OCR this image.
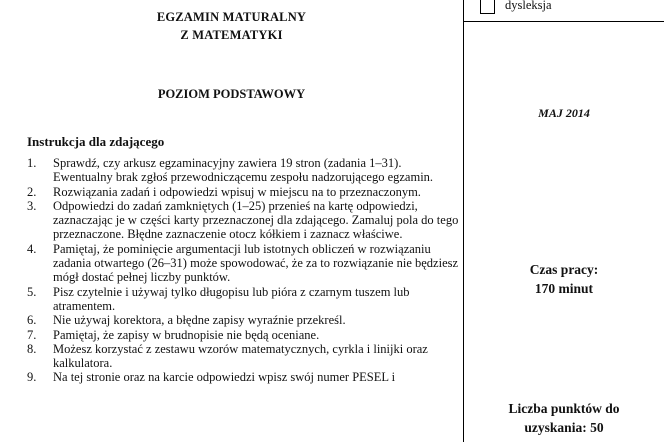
EGZAMIN MATURALNY

Z MATEMATYKI

POZIOM PODSTAWOWY

Instrukcja dla zdającego

1.	Sprawdź, czy arkusz egzaminacyjny zawiera 19 stron (zadania 1–31). Ewentualny brak zgłoś przewodniczącemu zespołu nadzorującego egzamin.
2.	Rozwiązania zadań i odpowiedzi wpisuj w miejscu na to przeznaczonym.
3.	Odpowiedzi do zadań zamkniętych (1–25) przenieś na kartę odpowiedzi, zaznaczając je w części karty przeznaczonej dla zdającego. Zamaluj pola do tego przeznaczone. Błędne zaznaczenie otocz kółkiem i zaznacz właściwe.
4.	Pamiętaj, że pominięcie argumentacji lub istotnych obliczeń w rozwiązaniu zadania otwartego (26–31) może spowodować, że za to rozwiązanie nie będziesz mógł dostać pełnej liczby punktów.
5.	Pisz czytelnie i używaj tylko długopisu lub pióra z czarnym tuszem lub atramentem.
6.	Nie używaj korektora, a błędne zapisy wyraźnie przekreśl.
7.	Pamiętaj, że zapisy w brudnopisie nie będą oceniane.
8.	Możesz korzystać z zestawu wzorów matematycznych, cyrkla i linijki oraz kalkulatora.
9.	Na tej stronie oraz na karcie odpowiedzi wpisz swój numer PESEL i
dysleksja

MAJ 2014

Czas pracy:

170 minut

Liczba punktów do

uzyskania: 50
